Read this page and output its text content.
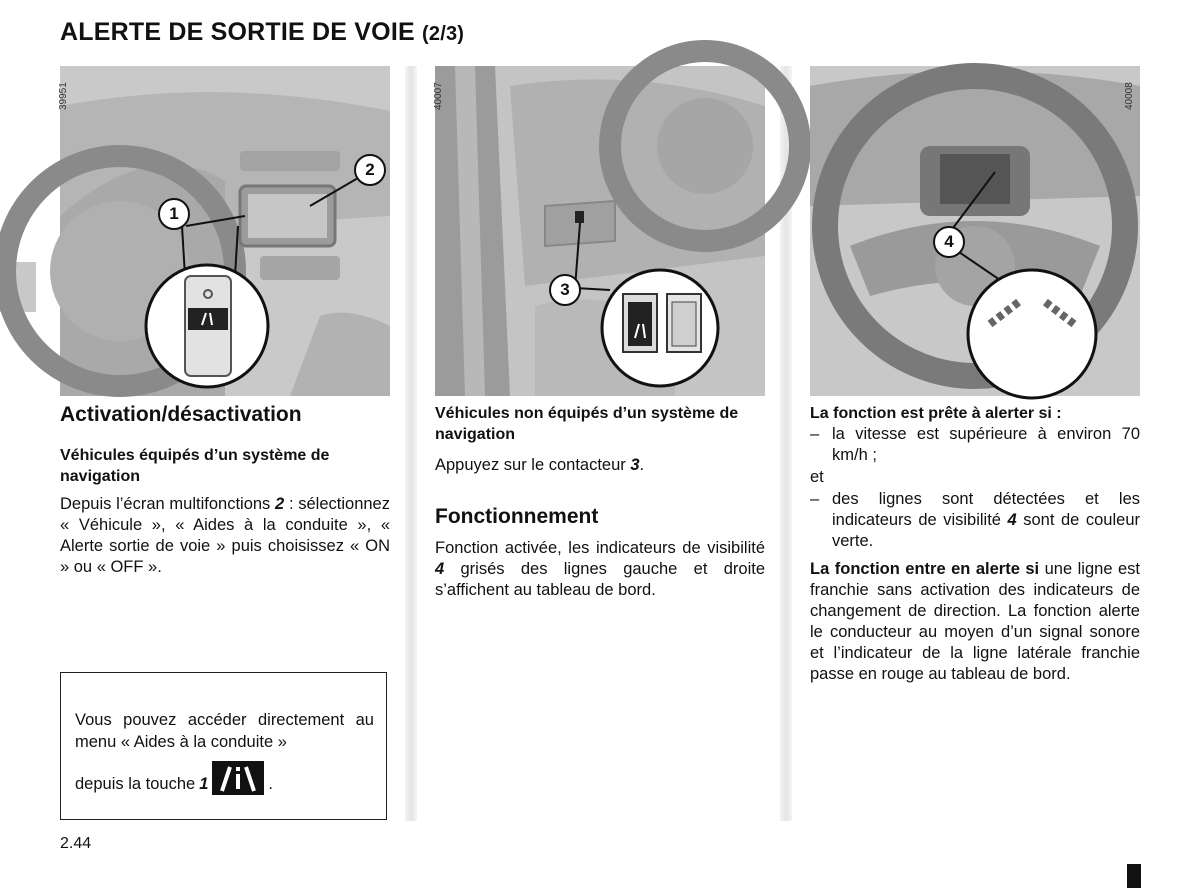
ALERTE DE SORTIE DE VOIE (2/3)
1
2
39951
3
40007
4
40008
Activation/désactivation
Véhicules équipés d’un système de navigation
Depuis l’écran multifonctions 2 : sélectionnez « Véhicule », « Aides à la conduite », « Alerte sortie de voie » puis choisissez « ON » ou « OFF ».
Vous pouvez accéder directement au menu « Aides à la conduite »
depuis la touche 1	.
Véhicules non équipés d’un système de navigation
Appuyez sur le contacteur 3.
Fonctionnement
Fonction activée, les indicateurs de visibilité 4 grisés des lignes gauche et droite s’affichent au tableau de bord.
La fonction est prête à alerter si :
– la vitesse est supérieure à environ 70 km/h ;
et
– des lignes sont détectées et les indicateurs de visibilité 4 sont de couleur verte.
La fonction entre en alerte si une ligne est franchie sans activation des indicateurs de changement de direction. La fonction alerte le conducteur au moyen d’un signal sonore et l’indicateur de la ligne latérale franchie passe en rouge au tableau de bord.
2.44
